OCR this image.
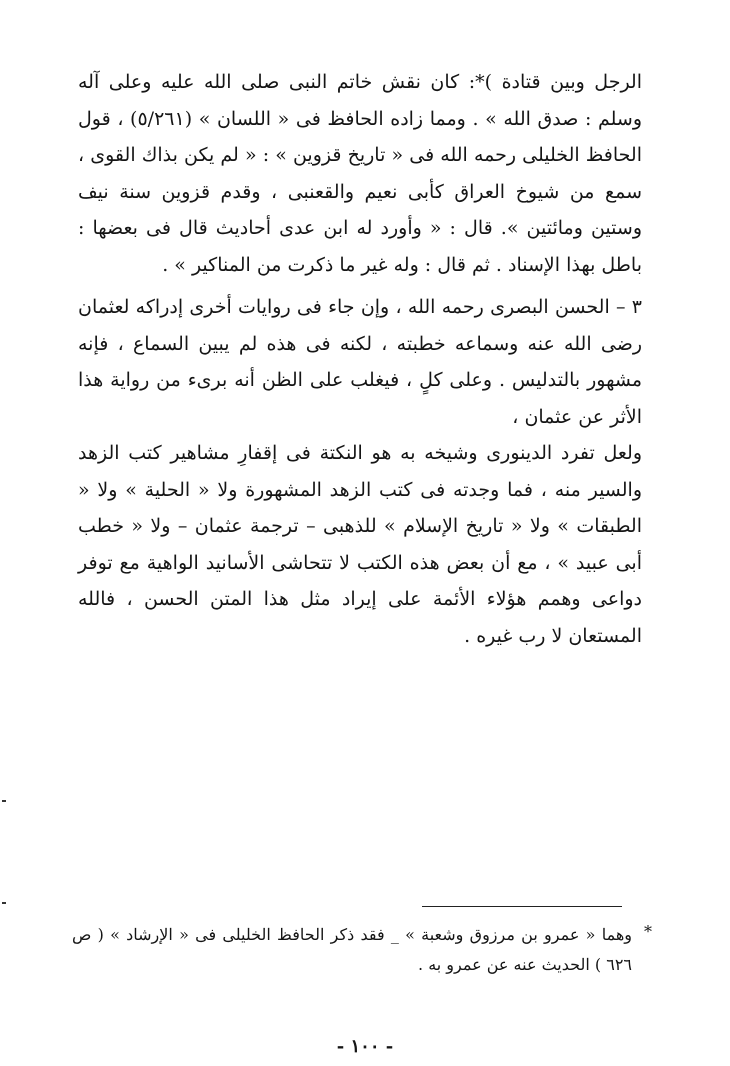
الرجل وبين قتادة )*: كان نقش خاتم النبى صلى الله عليه وعلى آله وسلم : صدق الله » . ومما زاده الحافظ فى « اللسان » (٥/٢٦١) ، قول الحافظ الخليلى رحمه الله فى « تاريخ قزوين » : « لم يكن بذاك القوى ، سمع من شيوخ العراق كأبى نعيم والقعنبى ، وقدم قزوين سنة نيف وستين ومائتين ». قال : « وأورد له ابن عدى أحاديث قال فى بعضها : باطل بهذا الإسناد . ثم قال : وله غير ما ذكرت من المناكير » .

٣ – الحسن البصرى رحمه الله ، وإن جاء فى روايات أخرى إدراكه لعثمان رضى الله عنه وسماعه خطبته ، لكنه فى هذه لم يبين السماع ، فإنه مشهور بالتدليس . وعلى كلٍ ، فيغلب على الظن أنه برىء من رواية هذا الأثر عن عثمان ،

ولعل تفرد الدينورى وشيخه به هو النكتة فى إقفارِ مشاهير كتب الزهد والسير منه ، فما وجدته فى كتب الزهد المشهورة ولا « الحلية » ولا « الطبقات » ولا « تاريخ الإسلام » للذهبى – ترجمة عثمان – ولا « خطب أبى عبيد » ، مع أن بعض هذه الكتب لا تتحاشى الأسانيد الواهية مع توفر دواعى وهمم هؤلاء الأئمة على إيراد مثل هذا المتن الحسن ، فالله المستعان لا رب غيره .

*

وهما « عمرو بن مرزوق وشعبة » _ فقد ذكر الحافظ الخليلى فى « الإرشاد » ( ص ٦٢٦ ) الحديث عنه عن عمرو به .

- ١٠٠ -
